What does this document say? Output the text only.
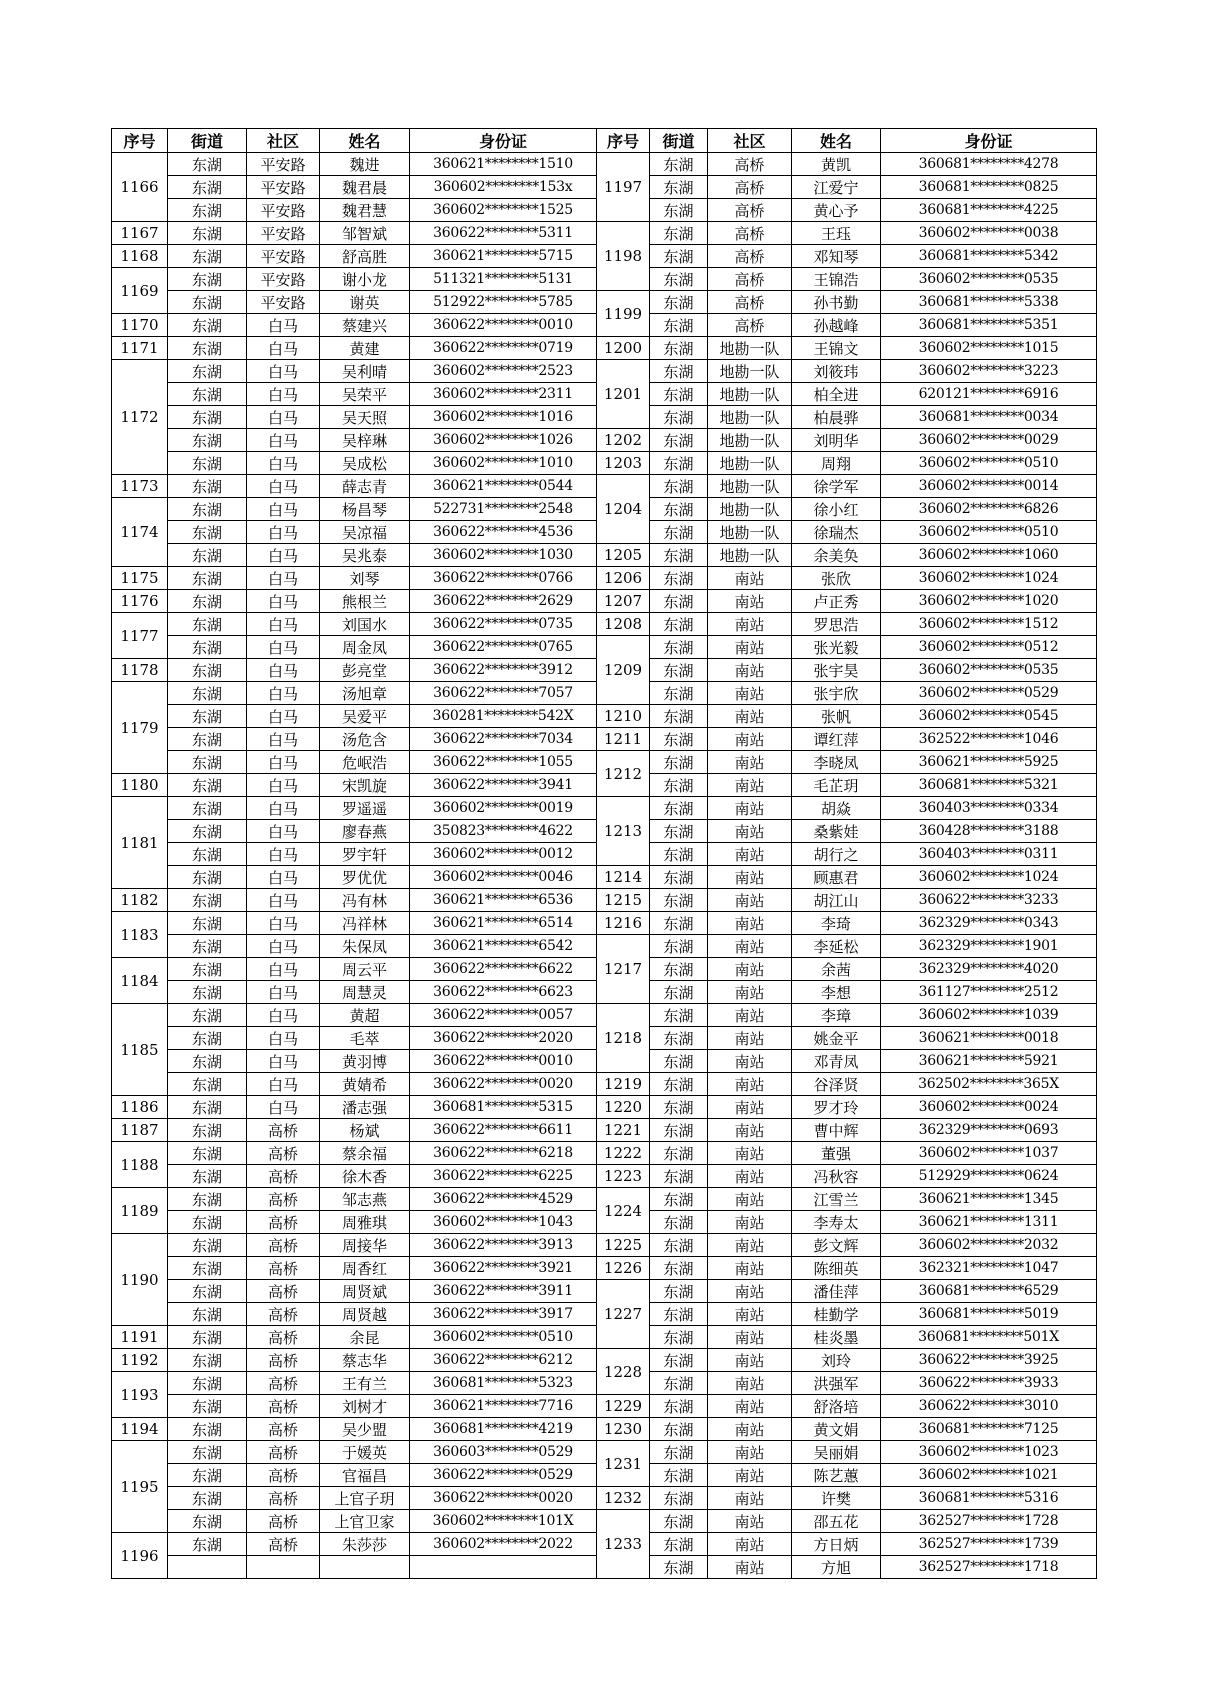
序号	街道	社区	姓名	身份证	序号	街道	社区	姓名	身份证
1166	东湖	平安路	魏进	360621********1510	1197	东湖	高桥	黄凯	360681********4278
	东湖	平安路	魏君晨	360602********153x		东湖	高桥	江爱宁	360681********0825
	东湖	平安路	魏君慧	360602********1525		东湖	高桥	黄心予	360681********4225
1167	东湖	平安路	邹智斌	360622********5311	1198	东湖	高桥	王珏	360602********0038
1168	东湖	平安路	舒高胜	360621********5715		东湖	高桥	邓知琴	360681********5342
1169	东湖	平安路	谢小龙	511321********5131		东湖	高桥	王锦浩	360602********0535
	东湖	平安路	谢英	512922********5785	1199	东湖	高桥	孙书勤	360681********5338
1170	东湖	白马	蔡建兴	360622********0010		东湖	高桥	孙越峰	360681********5351
1171	东湖	白马	黄建	360622********0719	1200	东湖	地勘一队	王锦文	360602********1015
1172	东湖	白马	吴利晴	360602********2523	1201	东湖	地勘一队	刘筱玮	360602********3223
	东湖	白马	吴荣平	360602********2311		东湖	地勘一队	柏全进	620121********6916
	东湖	白马	吴天照	360602********1016		东湖	地勘一队	柏晨骅	360681********0034
	东湖	白马	吴梓琳	360602********1026	1202	东湖	地勘一队	刘明华	360602********0029
	东湖	白马	吴成松	360602********1010	1203	东湖	地勘一队	周翔	360602********0510
1173	东湖	白马	薛志青	360621********0544	1204	东湖	地勘一队	徐学军	360602********0014
1174	东湖	白马	杨昌琴	522731********2548		东湖	地勘一队	徐小红	360602********6826
	东湖	白马	吴凉福	360622********4536		东湖	地勘一队	徐瑞杰	360602********0510
	东湖	白马	吴兆泰	360602********1030	1205	东湖	地勘一队	余美奂	360602********1060
1175	东湖	白马	刘琴	360622********0766	1206	东湖	南站	张欣	360602********1024
1176	东湖	白马	熊根兰	360622********2629	1207	东湖	南站	卢正秀	360602********1020
1177	东湖	白马	刘国水	360622********0735	1208	东湖	南站	罗思浩	360602********1512
	东湖	白马	周金凤	360622********0765	1209	东湖	南站	张光毅	360602********0512
1178	东湖	白马	彭亮堂	360622********3912		东湖	南站	张宇昊	360602********0535
1179	东湖	白马	汤旭章	360622********7057		东湖	南站	张宇欣	360602********0529
	东湖	白马	吴爱平	360281********542X	1210	东湖	南站	张帆	360602********0545
	东湖	白马	汤危含	360622********7034	1211	东湖	南站	谭红萍	362522********1046
	东湖	白马	危岷浩	360622********1055	1212	东湖	南站	李晓凤	360621********5925
1180	东湖	白马	宋凯旋	360622********3941		东湖	南站	毛芷玥	360681********5321
1181	东湖	白马	罗遥遥	360602********0019	1213	东湖	南站	胡焱	360403********0334
	东湖	白马	廖春燕	350823********4622		东湖	南站	桑紫娃	360428********3188
	东湖	白马	罗宇轩	360602********0012		东湖	南站	胡行之	360403********0311
	东湖	白马	罗优优	360602********0046	1214	东湖	南站	顾惠君	360602********1024
1182	东湖	白马	冯有林	360621********6536	1215	东湖	南站	胡江山	360622********3233
1183	东湖	白马	冯祥林	360621********6514	1216	东湖	南站	李琦	362329********0343
	东湖	白马	朱保凤	360621********6542	1217	东湖	南站	李延松	362329********1901
1184	东湖	白马	周云平	360622********6622		东湖	南站	余茜	362329********4020
	东湖	白马	周慧灵	360622********6623		东湖	南站	李想	361127********2512
1185	东湖	白马	黄超	360622********0057	1218	东湖	南站	李璋	360602********1039
	东湖	白马	毛萃	360622********2020		东湖	南站	姚金平	360621********0018
	东湖	白马	黄羽博	360622********0010		东湖	南站	邓青凤	360621********5921
	东湖	白马	黄婧希	360622********0020	1219	东湖	南站	谷泽贤	362502********365X
1186	东湖	白马	潘志强	360681********5315	1220	东湖	南站	罗才玲	360602********0024
1187	东湖	高桥	杨斌	360622********6611	1221	东湖	南站	曹中辉	362329********0693
1188	东湖	高桥	蔡余福	360622********6218	1222	东湖	南站	董强	360602********1037
	东湖	高桥	徐木香	360622********6225	1223	东湖	南站	冯秋容	512929********0624
1189	东湖	高桥	邹志燕	360622********4529	1224	东湖	南站	江雪兰	360621********1345
	东湖	高桥	周雅琪	360602********1043		东湖	南站	李寿太	360621********1311
1190	东湖	高桥	周接华	360622********3913	1225	东湖	南站	彭文辉	360602********2032
	东湖	高桥	周香红	360622********3921	1226	东湖	南站	陈细英	362321********1047
	东湖	高桥	周贤斌	360622********3911	1227	东湖	南站	潘佳萍	360681********6529
	东湖	高桥	周贤越	360622********3917		东湖	南站	桂勤学	360681********5019
1191	东湖	高桥	余昆	360602********0510		东湖	南站	桂炎墨	360681********501X
1192	东湖	高桥	蔡志华	360622********6212	1228	东湖	南站	刘玲	360622********3925
1193	东湖	高桥	王有兰	360681********5323		东湖	南站	洪强军	360622********3933
	东湖	高桥	刘树才	360621********7716	1229	东湖	南站	舒洛培	360622********3010
1194	东湖	高桥	吴少盟	360681********4219	1230	东湖	南站	黄文娟	360681********7125
1195	东湖	高桥	于媛英	360603********0529	1231	东湖	南站	吴丽娟	360602********1023
	东湖	高桥	官福昌	360622********0529		东湖	南站	陈艺蕙	360602********1021
	东湖	高桥	上官子玥	360622********0020	1232	东湖	南站	许樊	360681********5316
	东湖	高桥	上官卫家	360602********101X	1233	东湖	南站	邵五花	362527********1728
1196	东湖	高桥	朱莎莎	360602********2022		东湖	南站	方日炳	362527********1739
						东湖	南站	方旭	362527********1718
